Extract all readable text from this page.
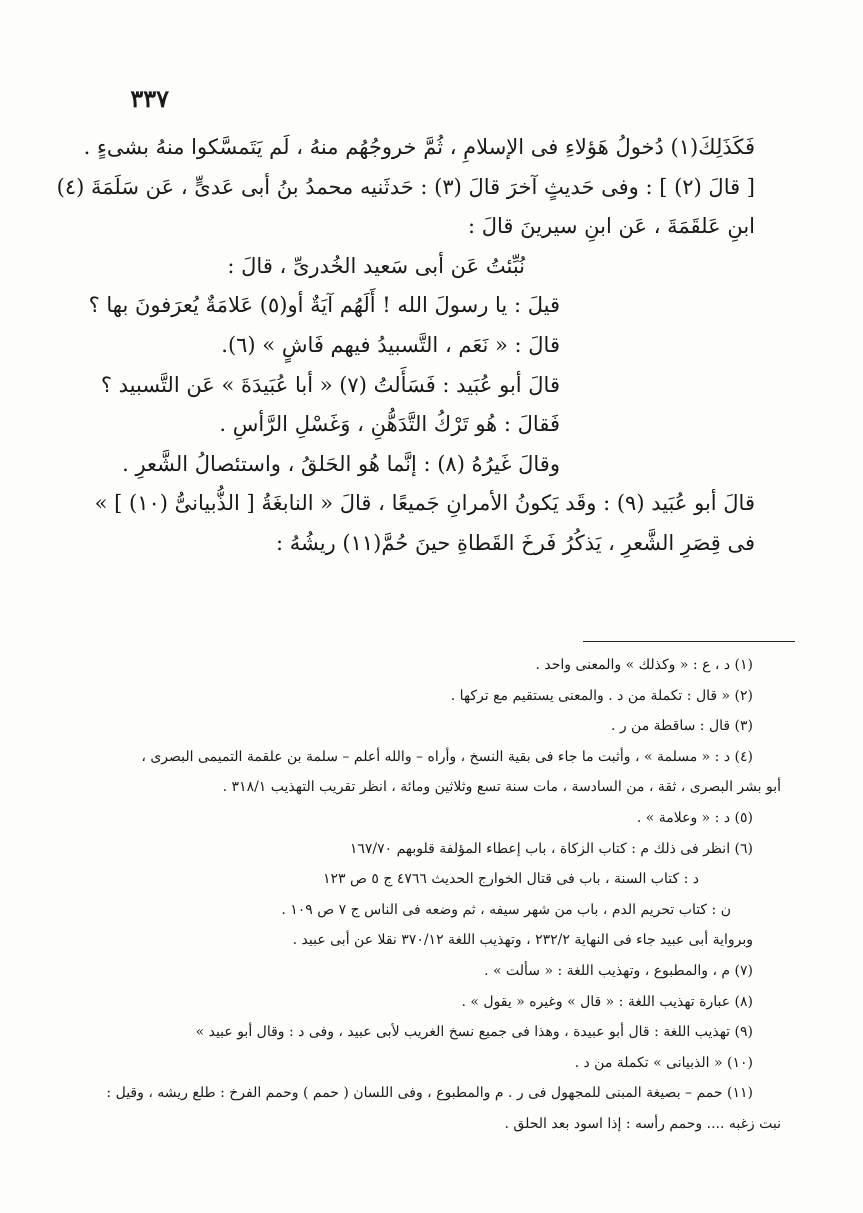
٣٣٧
فَكَذَلِكَ(١) دُخولُ هَؤلاءِ فى الإسلامِ ، ثُمَّ خروجُهُم منهُ ، لَم يَتَمسَّكوا منهُ بشىءٍ .
[ قالَ (٢) ] : وفى حَديثٍ آخرَ قالَ (٣) : حَدثَنيه محمدُ بنُ أبى عَدىٍّ ، عَن سَلَمَةَ (٤)
ابنِ عَلقَمَةَ ، عَن ابنِ سيرينَ قالَ :
نُبِّئتُ عَن أبى سَعيد الخُدرىِّ ، قالَ :
قيلَ : يا رسولَ الله ! أَلَهُم آيَةٌ أو(٥) عَلامَةٌ يُعرَفونَ بها ؟
قالَ : « نَعَم ، التَّسبيدُ فيهم فَاشٍ » (٦).
قالَ أبو عُبَيد : فَسَأَلتُ (٧) « أبا عُبَيدَةَ » عَن التَّسبيد ؟
فَقالَ : هُو تَرْكُ التَّدَهُّنِ ، وَغَسْلِ الرَّأسِ .
وقالَ غَيرُهُ (٨) : إنَّما هُو الحَلقُ ، واستئصالُ الشَّعرِ .
قالَ أبو عُبَيد (٩) : وقَد يَكونُ الأمرانِ جَميعًا ، قالَ « النابغَةُ [ الذُّبيانىُّ (١٠) ] »
فى قِصَرِ الشَّعرِ ، يَذكُرُ فَرخَ القَطاةِ حينَ حُمَّ(١١) ريشُهُ :
(١) د ، ع : « وكذلك » والمعنى واحد .
(٢) « قال : تكملة من د . والمعنى يستقيم مع تركها .
(٣) قال : ساقطة من ر .
(٤) د : « مسلمة » ، وأثبت ما جاء فى بقية النسخ ، وأراه – والله أعلم – سلمة بن علقمة التميمى البصرى ،
أبو بشر البصرى ، ثقة ، من السادسة ، مات سنة تسع وثلاثين ومائة ، انظر تقريب التهذيب ٣١٨/١ .
(٥) د : « وعلامة » .
(٦) انظر فى ذلك م : كتاب الزكاة ، باب إعطاء المؤلفة قلوبهم ١٦٧/٧٠
د : كتاب السنة ، باب فى قتال الخوارج الحديث ٤٧٦٦ ج ٥ ص ١٢٣
ن : كتاب تحريم الدم ، باب من شهر سيفه ، ثم وضعه فى الناس ج ٧ ص ١٠٩ .
وبرواية أبى عبيد جاء فى النهاية ٢٣٢/٢ ، وتهذيب اللغة ٣٧٠/١٢ نقلا عن أبى عبيد .
(٧) م ، والمطبوع ، وتهذيب اللغة : « سألت » .
(٨) عبارة تهذيب اللغة : « قال » وغيره « يقول » .
(٩) تهذيب اللغة : قال أبو عبيدة ، وهذا فى جميع نسخ الغريب لأبى عبيد ، وفى د : وقال أبو عبيد »
(١٠) « الذبيانى » تكملة من د .
(١١) حمم – بصيغة المبنى للمجهول فى ر . م والمطبوع ، وفى اللسان ( حمم ) وحمم الفرخ : طلع ريشه ، وقيل :
نبت زغبه .... وحمم رأسه : إذا اسود بعد الحلق .
